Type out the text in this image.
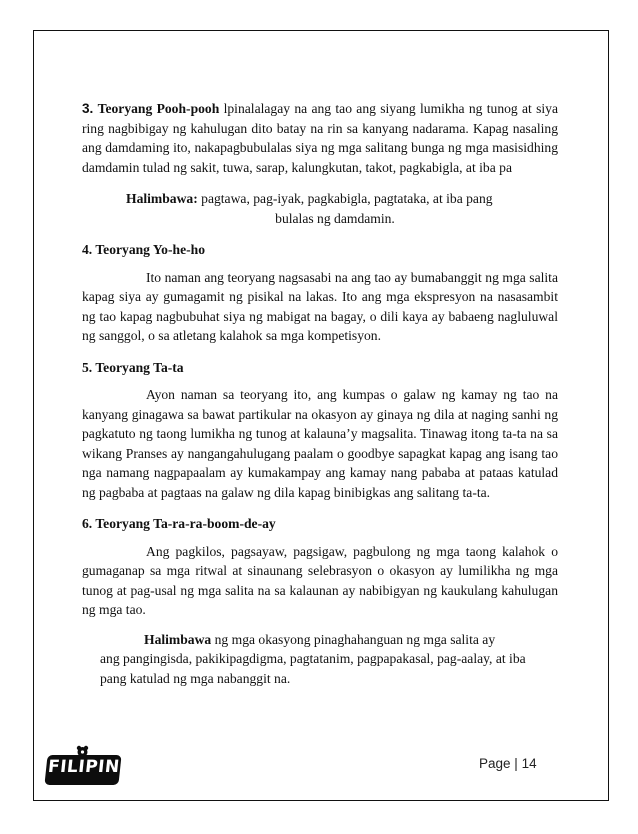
3. Teoryang Pooh-pooh lpinalalagay na ang tao ang siyang lumikha ng tunog at siya ring nagbibigay ng kahulugan dito batay na rin sa kanyang nadarama. Kapag nasaling ang damdaming ito, nakapagbubulalas siya ng mga salitang bunga ng mga masisidhing damdamin tulad ng sakit, tuwa, sarap, kalungkutan, takot, pagkabigla, at iba pa

Halimbawa: pagtawa, pag-iyak, pagkabigla, pagtataka, at iba pang
bulalas ng damdamin.

4. Teoryang Yo-he-ho

Ito naman ang teoryang nagsasabi na ang tao ay bumabanggit ng mga salita kapag siya ay gumagamit ng pisikal na lakas. Ito ang mga ekspresyon na nasasambit ng tao kapag nagbubuhat siya ng mabigat na bagay, o dili kaya ay babaeng nagluluwal ng sanggol, o sa atletang kalahok sa mga kompetisyon.

5. Teoryang Ta-ta

Ayon naman sa teoryang ito, ang kumpas o galaw ng kamay ng tao na kanyang ginagawa sa bawat partikular na okasyon ay ginaya ng dila at naging sanhi ng pagkatuto ng taong lumikha ng tunog at kalauna’y magsalita. Tinawag itong ta-ta na sa wikang Pranses ay nangangahulugang paalam o goodbye sapagkat kapag ang isang tao nga namang nagpapaalam ay kumakampay ang kamay nang pababa at pataas katulad ng pagbaba at pagtaas na galaw ng dila kapag binibigkas ang salitang ta-ta.

6. Teoryang Ta-ra-ra-boom-de-ay

Ang pagkilos, pagsayaw, pagsigaw, pagbulong ng mga taong kalahok o gumaganap sa mga ritwal at sinaunang selebrasyon o okasyon ay lumilikha ng mga tunog at pag-usal ng mga salita na sa kalaunan ay nabibigyan ng kaukulang kahulugan ng mga tao.

Halimbawa ng mga okasyong pinaghahanguan ng mga salita ay
ang pangingisda, pakikipagdigma, pagtatanim, pagpapakasal, pag-aalay, at iba pang katulad ng mga nabanggit na.

FILIPINO	Page | 14
